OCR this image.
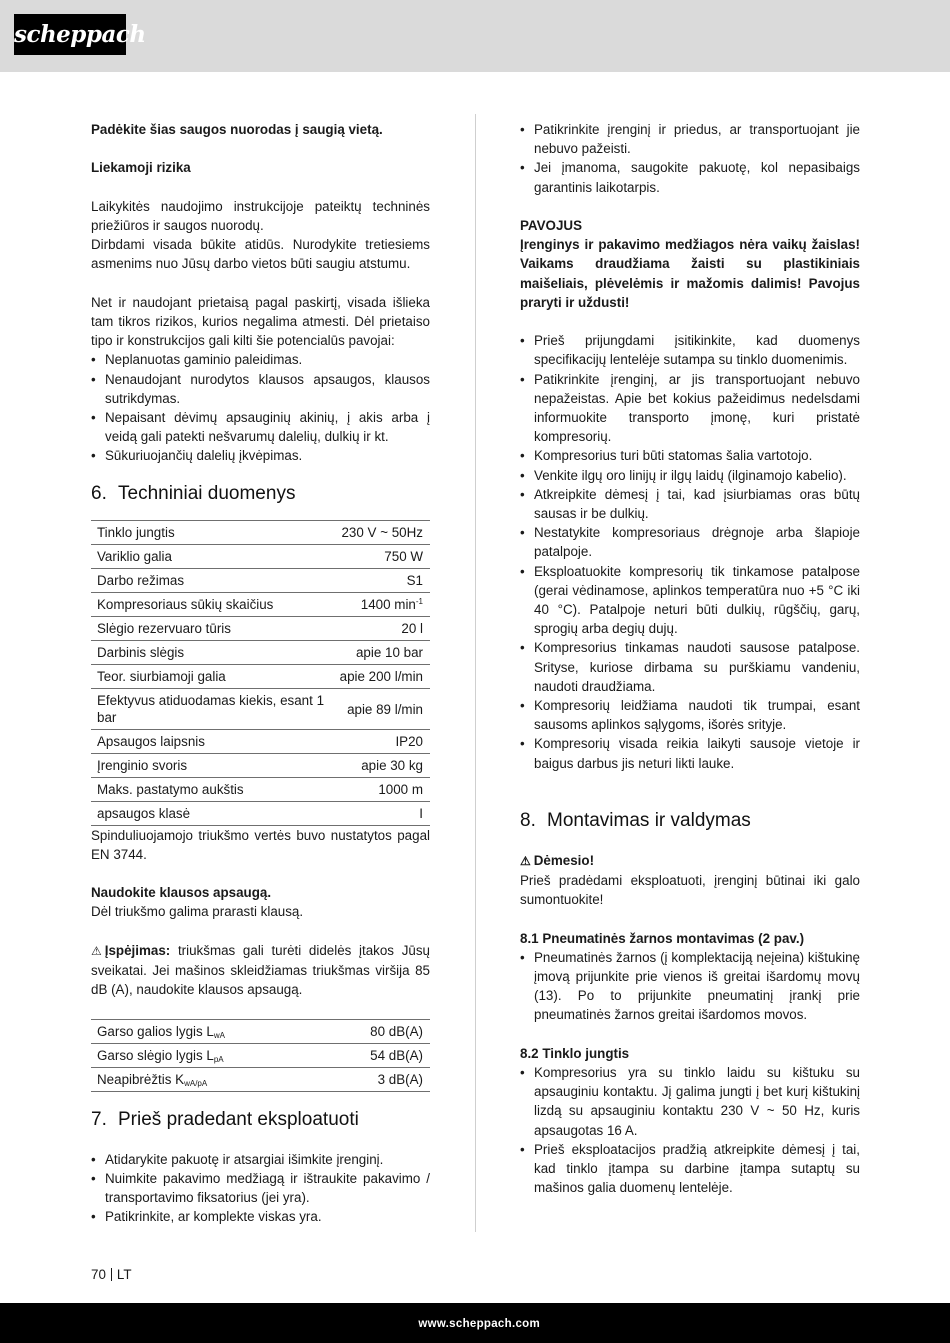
scheppach

Padėkite šias saugos nuorodas į saugią vietą.

Liekamoji rizika

Laikykitės naudojimo instrukcijoje pateiktų techninės priežiūros ir saugos nuorodų.

Dirbdami visada būkite atidūs. Nurodykite tretiesiems asmenims nuo Jūsų darbo vietos būti saugiu atstumu.

Net ir naudojant prietaisą pagal paskirtį, visada išlieka tam tikros rizikos, kurios negalima atmesti. Dėl prietaiso tipo ir konstrukcijos gali kilti šie potencialūs pavojai:

• Neplanuotas gaminio paleidimas.
• Nenaudojant nurodytos klausos apsaugos, klausos sutrikdymas.
• Nepaisant dėvimų apsauginių akinių, į akis arba į veidą gali patekti nešvarumų dalelių, dulkių ir kt.
• Sūkuriuojančių dalelių įkvėpimas.
6. Techniniai duomenys
Tinklo jungtis	230 V ~ 50Hz
Variklio galia	750 W
Darbo režimas	S1
Kompresoriaus sūkių skaičius	1400 $\min^{-1}$
Slėgio rezervuaro tūris	20 l
Darbinis slėgis	apie 10 bar
Teor. siurbiamoji galia	apie 200 l/min
Efektyvus atiduodamas kiekis, esant 1 bar	apie 89 l/min
Apsaugos laipsnis	IP20
Įrenginio svoris	apie 30 kg
Maks. pastatymo aukštis	1000 m
apsaugos klasė	I

Spinduliuojamojo triukšmo vertės buvo nustatytos pagal EN 3744.

Naudokite klausos apsaugą.

Dėl triukšmo galima prarasti klausą.

⚠ Įspėjimas: triukšmas gali turėti didelės įtakos Jūsų sveikatai. Jei mašinos skleidžiamas triukšmas viršija 85 dB (A), naudokite klausos apsaugą.

Garso galios lygis $L_{wA}$	80 dB(A)
Garso slėgio lygis $L_{pA}$	54 dB(A)
Neapibrėžtis $K_{wA/pA}$	3 dB(A)
7. Prieš pradedant eksploatuoti
• Atidarykite pakuotę ir atsargiai išimkite įrenginį.
• Nuimkite pakavimo medžiagą ir ištraukite pakavimo / transportavimo fiksatorius (jei yra).
• Patikrinkite, ar komplekte viskas yra.
• Patikrinkite įrenginį ir priedus, ar transportuojant jie nebuvo pažeisti.
• Jei įmanoma, saugokite pakuotę, kol nepasibaigs garantinis laikotarpis.

PAVOJUS

Įrenginys ir pakavimo medžiagos nėra vaikų žaislas! Vaikams draudžiama žaisti su plastikiniais maišeliais, plėvelėmis ir mažomis dalimis! Pavojus praryti ir uždusti!

• Prieš prijungdami įsitikinkite, kad duomenys specifikacijų lentelėje sutampa su tinklo duomenimis.
• Patikrinkite įrenginį, ar jis transportuojant nebuvo nepažeistas. Apie bet kokius pažeidimus nedelsdami informuokite transporto įmonę, kuri pristatė kompresorių.
• Kompresorius turi būti statomas šalia vartotojo.
• Venkite ilgų oro linijų ir ilgų laidų (ilginamojo kabelio).
• Atkreipkite dėmesį į tai, kad įsiurbiamas oras būtų sausas ir be dulkių.
• Nestatykite kompresoriaus drėgnoje arba šlapioje patalpoje.
• Eksploatuokite kompresorių tik tinkamose patalpose (gerai vėdinamose, aplinkos temperatūra nuo +5 °C iki 40 °C). Patalpoje neturi būti dulkių, rūgščių, garų, sprogių arba degių dujų.
• Kompresorius tinkamas naudoti sausose patalpose. Srityse, kuriose dirbama su purškiamu vandeniu, naudoti draudžiama.
• Kompresorių leidžiama naudoti tik trumpai, esant sausoms aplinkos sąlygoms, išorės srityje.
• Kompresorių visada reikia laikyti sausoje vietoje ir baigus darbus jis neturi likti lauke.
8. Montavimas ir valdymas

⚠ Dėmesio!

Prieš pradėdami eksploatuoti, įrenginį būtinai iki galo sumontuokite!

8.1 Pneumatinės žarnos montavimas (2 pav.)

• Pneumatinės žarnos (į komplektaciją neįeina) kištukinę įmovą prijunkite prie vienos iš greitai išardomų movų (13). Po to prijunkite pneumatinį įrankį prie pneumatinės žarnos greitai išardomos movos.

8.2 Tinklo jungtis

• Kompresorius yra su tinklo laidu su kištuku su apsauginiu kontaktu. Jį galima jungti į bet kurį kištukinį lizdą su apsauginiu kontaktu 230 V ~ 50 Hz, kuris apsaugotas 16 A.
• Prieš eksploatacijos pradžią atkreipkite dėmesį į tai, kad tinklo įtampa su darbine įtampa sutaptų su mašinos galia duomenų lentelėje.
70 LT
www.scheppach.com
